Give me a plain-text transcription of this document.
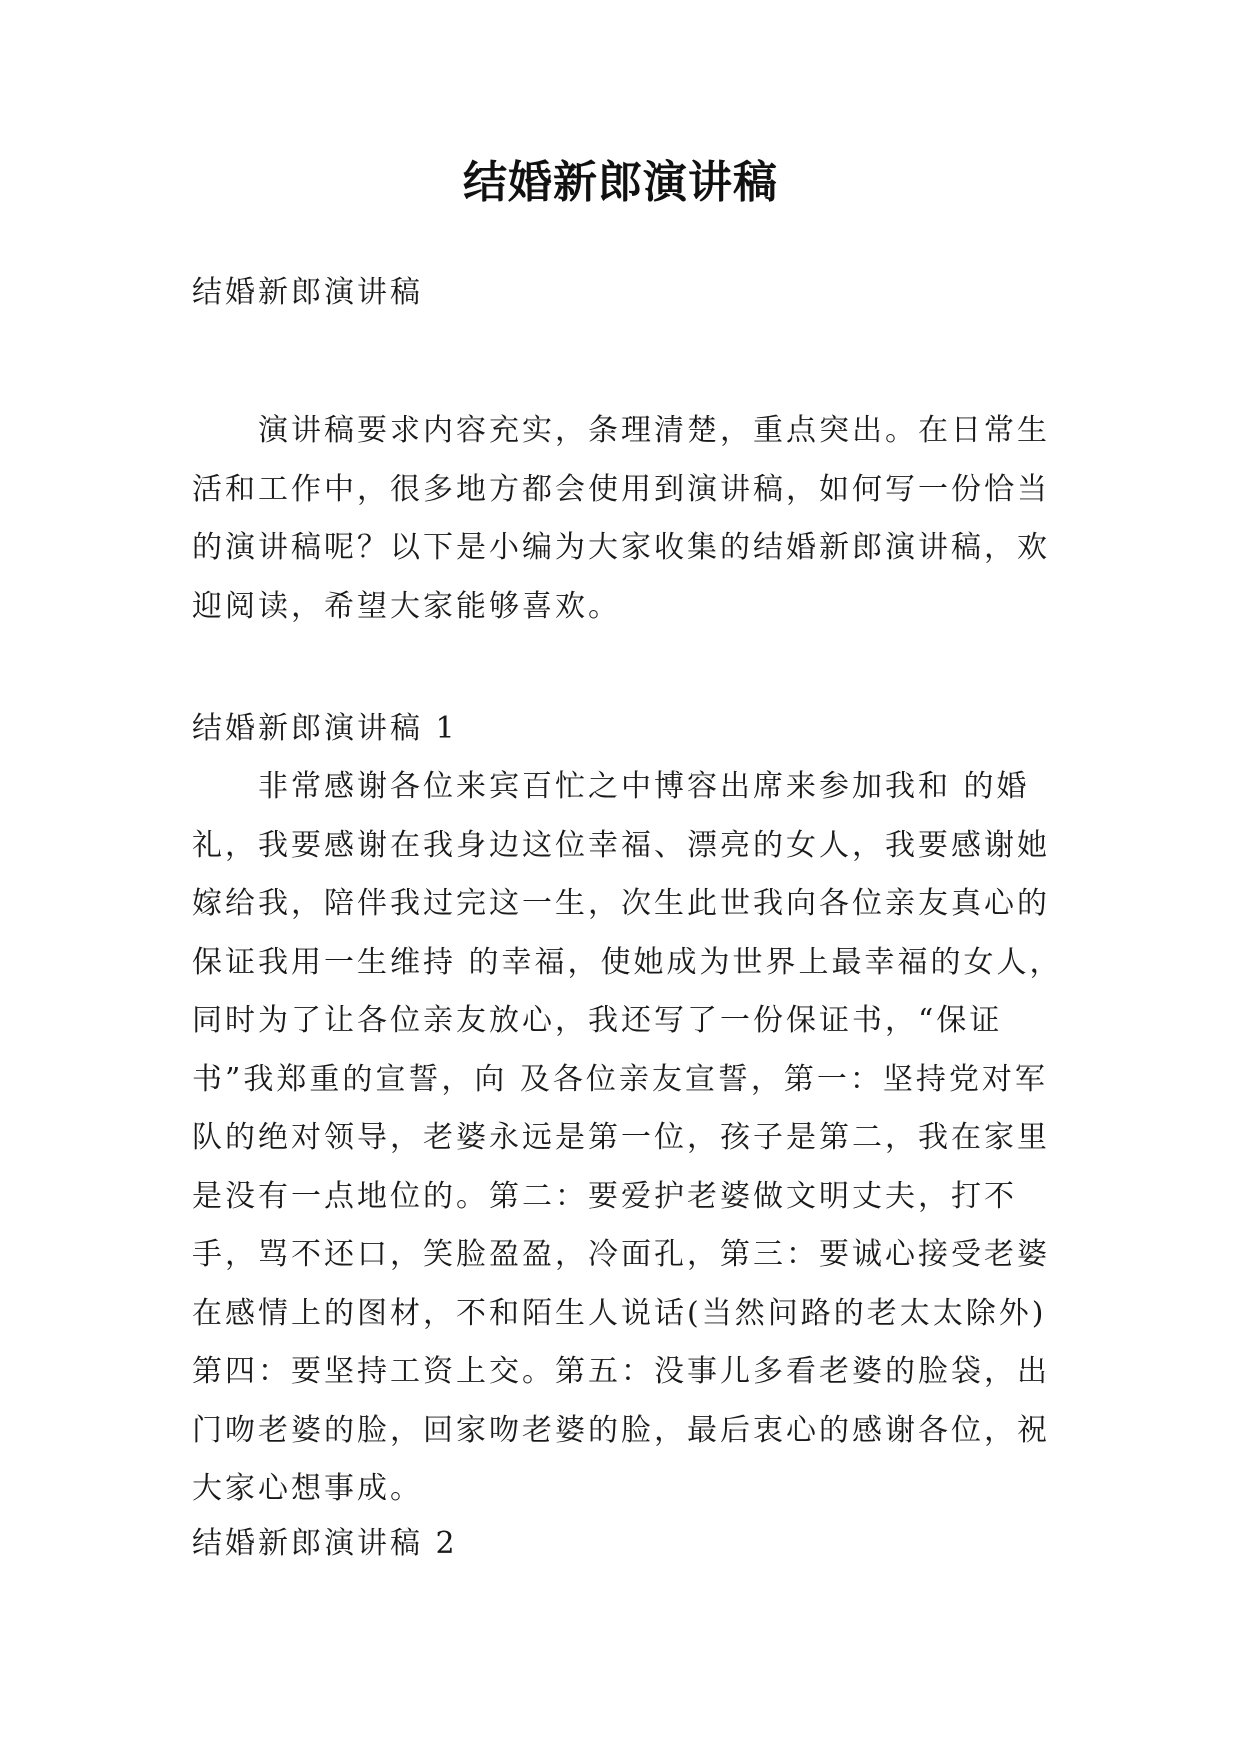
结婚新郎演讲稿
结婚新郎演讲稿
演讲稿要求内容充实，条理清楚，重点突出。在日常生活和工作中，很多地方都会使用到演讲稿，如何写一份恰当的演讲稿呢？以下是小编为大家收集的结婚新郎演讲稿，欢迎阅读，希望大家能够喜欢。
结婚新郎演讲稿 1
非常感谢各位来宾百忙之中博容出席来参加我和 的婚礼，我要感谢在我身边这位幸福、漂亮的女人，我要感谢她嫁给我，陪伴我过完这一生，次生此世我向各位亲友真心的保证我用一生维持 的幸福，使她成为世界上最幸福的女人，同时为了让各位亲友放心，我还写了一份保证书，“保证书”我郑重的宣誓，向 及各位亲友宣誓，第一：坚持党对军队的绝对领导，老婆永远是第一位，孩子是第二，我在家里是没有一点地位的。第二：要爱护老婆做文明丈夫，打不手，骂不还口，笑脸盈盈，冷面孔，第三：要诚心接受老婆在感情上的图材，不和陌生人说话(当然问路的老太太除外)第四：要坚持工资上交。第五：没事儿多看老婆的脸袋，出门吻老婆的脸，回家吻老婆的脸，最后衷心的感谢各位，祝大家心想事成。
结婚新郎演讲稿 2
